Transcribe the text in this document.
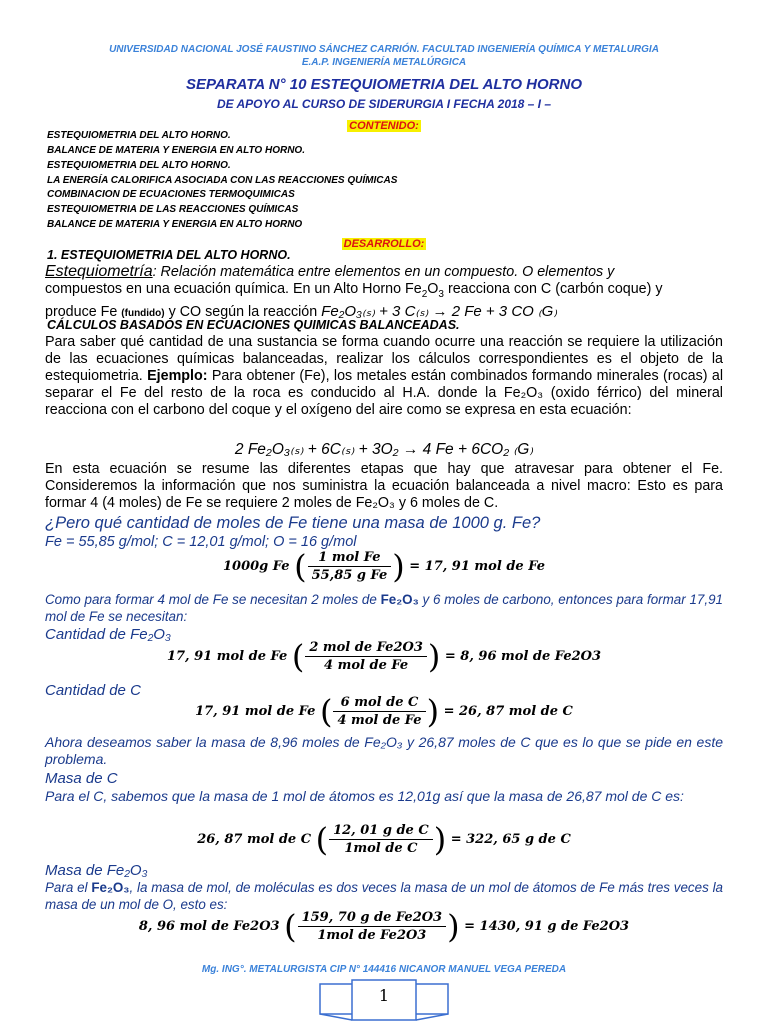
UNIVERSIDAD NACIONAL JOSÉ FAUSTINO SÁNCHEZ CARRIÓN. FACULTAD INGENIERÍA QUÍMICA Y METALURGIA
E.A.P. INGENIERÍA METALÚRGICA
SEPARATA N° 10 ESTEQUIOMETRIA DEL ALTO HORNO
DE APOYO AL CURSO DE SIDERURGIA I FECHA 2018 – I –
CONTENIDO:
ESTEQUIOMETRIA DEL ALTO HORNO.
BALANCE DE MATERIA Y ENERGIA EN ALTO HORNO.
ESTEQUIOMETRIA DEL ALTO HORNO.
LA ENERGÍA CALORIFICA ASOCIADA CON LAS REACCIONES QUÍMICAS
COMBINACION DE ECUACIONES TERMOQUIMICAS
ESTEQUIOMETRIA DE LAS REACCIONES QUÍMICAS
BALANCE DE MATERIA Y ENERGIA EN ALTO HORNO
DESARROLLO:
1. ESTEQUIOMETRIA DEL ALTO HORNO.
Estequiometría: Relación matemática entre elementos en un compuesto. O elementos y
compuestos en una ecuación química. En un Alto Horno $Fe_2O_3$ reacciona con C (carbón coque) y
produce Fe (fundido) y CO según la reacción Fe₂O₃₍ₛ₎ + 3 C₍ₛ₎ → 2 Fe + 3 CO ₍G₎
CÁLCULOS BASADOS EN ECUACIONES QUIMICAS BALANCEADAS.
Para saber qué cantidad de una sustancia se forma cuando ocurre una reacción se requiere la utilización de las ecuaciones químicas balanceadas, realizar los cálculos correspondientes es el objeto de la estequiometria. Ejemplo: Para obtener (Fe), los metales están combinados formando minerales (rocas) al separar el Fe del resto de la roca es conducido al H.A. donde la Fe₂O₃ (oxido férrico) del mineral reacciona con el carbono del coque y el oxígeno del aire como se expresa en esta ecuación:
2 Fe₂O₃₍ₛ₎ + 6C₍ₛ₎ + 3O₂ → 4 Fe + 6CO₂ ₍G₎
En esta ecuación se resume las diferentes etapas que hay que atravesar para obtener el Fe. Consideremos la información que nos suministra la ecuación balanceada a nivel macro: Esto es para formar 4 (4 moles) de Fe se requiere 2 moles de Fe₂O₃ y 6 moles de C.
¿Pero qué cantidad de moles de Fe tiene una masa de 1000 g. Fe?
Fe = 55,85 g/mol; C = 12,01 g/mol; O = 16 g/mol
1000g Fe ( $\frac{\text{1 mol Fe}}{\text{55,85 g Fe}}$ ) = 17, 91 mol de Fe
Como para formar 4 mol de Fe se necesitan 2 moles de Fe₂O₃ y 6 moles de carbono, entonces para formar 17,91 mol de Fe se necesitan:
Cantidad de Fe₂O₃
17, 91 mol de Fe ( $\frac{\text{2 mol de Fe2O3}}{\text{4 mol de Fe}}$ ) = 8, 96 mol de Fe2O3
Cantidad de C
17, 91 mol de Fe ( $\frac{\text{6 mol de C}}{\text{4 mol de Fe}}$ ) = 26, 87 mol de C
Ahora deseamos saber la masa de 8,96 moles de Fe₂O₃ y 26,87 moles de C que es lo que se pide en este problema.
Masa de C
Para el C, sabemos que la masa de 1 mol de átomos es 12,01g así que la masa de 26,87 mol de C es:
26, 87 mol de C ( $\frac{\text{12, 01 g de C}}{\text{1mol de C}}$ ) = 322, 65 g de C
Masa de Fe₂O₃
Para el Fe₂O₃, la masa de mol, de moléculas es dos veces la masa de un mol de átomos de Fe más tres veces la masa de un mol de O, esto es:
8, 96 mol de Fe2O3 ( $\frac{\text{159, 70 g de Fe2O3}}{\text{1mol de Fe2O3}}$ ) = 1430, 91 g de Fe2O3
Mg. ING°. METALURGISTA CIP N° 144416 NICANOR MANUEL VEGA PEREDA
1
